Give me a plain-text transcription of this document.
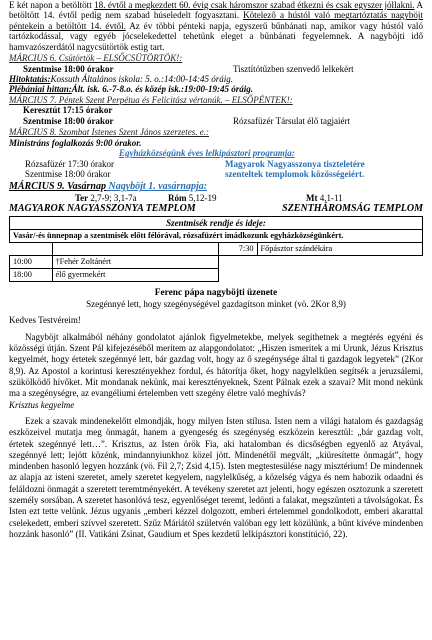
E két napon a betöltött 18. évtől a megkezdett 60. évig csak háromszor szabad étkezni és csak egyszer jóllakni. A betöltött 14. évtől pedig nem szabad húseledelt fogyasztani. Kötelező a hústól való megtartóztatás nagyböjt péntekein a betöltött 14. évtől. Az év többi pénteki napja, egyszerű bűnbánati nap, amikor vagy hústól való tartózkodással, vagy egyéb jócselekedettel tehetünk eleget a bűnbánati fegyelemnek. A nagyböjti idő hamvazószerdától nagycsütörtök estig tart.

MÁRCIUS 6. Csütörtök – ELSŐCSÜTÖRTÖK!:
Szentmise 18:00 órakor	Tisztítótűzben szenvedő lelkekért
Hitoktatás: Kossuth Általános iskola: 5. o.:14:00-14:45 óráig.
Plébániai hittan: Ált. isk. 6.-7-8.o. és közép isk.:19:00-19:45 óráig.
MÁRCIUS 7. Péntek Szent Perpétua és Felicitász vértanúk. – ELSŐPÉNTEK!:
Keresztút 17:15 órakor
Szentmise 18:00 órakor	Rózsafüzér Társulat élő tagjaiért
MÁRCIUS 8. Szombat Istenes Szent János szerzetes. e.:
Ministráns foglalkozás 9:00 órakor.
Egyházközségünk éves lelkipásztori programja:
Rózsafüzér 17:30 órakor	Magyarok Nagyasszonya tiszteletére
Szentmise 18:00 órakor	szenteltek templomok közösségeiért.
MÁRCIUS 9. Vasárnap Nagyböjt 1. vasárnapja:
Ter 2,7-9; 3,1-7a	Róm 5,12-19	Mt 4,1-11
MAGYAROK NAGYASSZONYA TEMPLOM	SZENTHÁROMSÁG TEMPLOM
Szentmisék rendje és ideje:			
Vasár/-és ünnepnap a szentmisék előtt félórával, rózsafüzért imádkozunk egyházközségünkért.			
		7:30	Főpásztor szándékára
10:00	†Fehér Zoltánért		
18:00	élő gyermekért		

Ferenc pápa nagyböjti üzenete

Szegénnyé lett, hogy szegénységével gazdagítson minket (vö. 2Kor 8,9)

Kedves Testvéreim!

Nagyböjt alkalmából néhány gondolatot ajánlok figyelmetekbe, melyek segíthetnek a megtérés egyéni és közösségi útján. Szent Pál kifejezéséből merítem az alapgondolatot: „Hiszen ismeritek a mi Urunk, Jézus Krisztus kegyelmét, hogy értetek szegénnyé lett, bár gazdag volt, hogy az ő szegénysége által ti gazdagok legyetek” (2Kor 8,9). Az Apostol a korintusi keresztényekhez fordul, és hátorítja őket, hogy nagylelkűen segítsék a jeruzsálemi, szükölködő hívőket. Mit mondanak nekünk, mai keresztényeknek, Szent Pálnak ezek a szavai? Mit mond nekünk ma a szegénységre, az evangéliumi értelemben vett szegény életre való meghívás?

Krisztus kegyelme

Ezek a szavak mindenekelőtt elmondják, hogy milyen Isten stílusa. Isten nem a világi hatalom és gazdagság eszközeivel mutatja meg önmagát, hanem a gyengeség és szegénység eszközein keresztül: „bár gazdag volt, értetek szegénnyé lett…”. Krisztus, az Isten örök Fia, aki hatalomban és dicsőségben egyenlő az Atyával, szegénnyé lett; lejött közénk, mindannyiunkhoz közel jött. Mindenétől megvált, „kiüresítette önmagát”, hogy mindenben hasonló legyen hozzánk (vö. Fil 2,7; Zsid 4,15). Isten megtestesülése nagy misztérium! De mindennek az alapja az isteni szeretet, amely szeretet kegyelem, nagylelkűség, a közelség vágya és nem habozik odaadni és feláldozni önmagát a szeretett teremtményekért. A tevékeny szeretet azt jelenti, hogy egészen osztozunk a szeretett személy sorsában. A szeretet hasonlóvá tesz, egyenlőséget teremt, ledönti a falakat, megszünteti a távolságokat. És Isten ezt tette velünk. Jézus ugyanis „emberi kézzel dolgozott, emberi értelemmel gondolkodott, emberi akarattal cselekedett, emberi szívvel szeretett. Szűz Máriától születvén valóban egy lett közülünk, a bűnt kivéve mindenben hozzánk hasonló” (II. Vatikáni Zsinat, Gaudium et Spes kezdetű lelkipásztori konstitúció, 22).
